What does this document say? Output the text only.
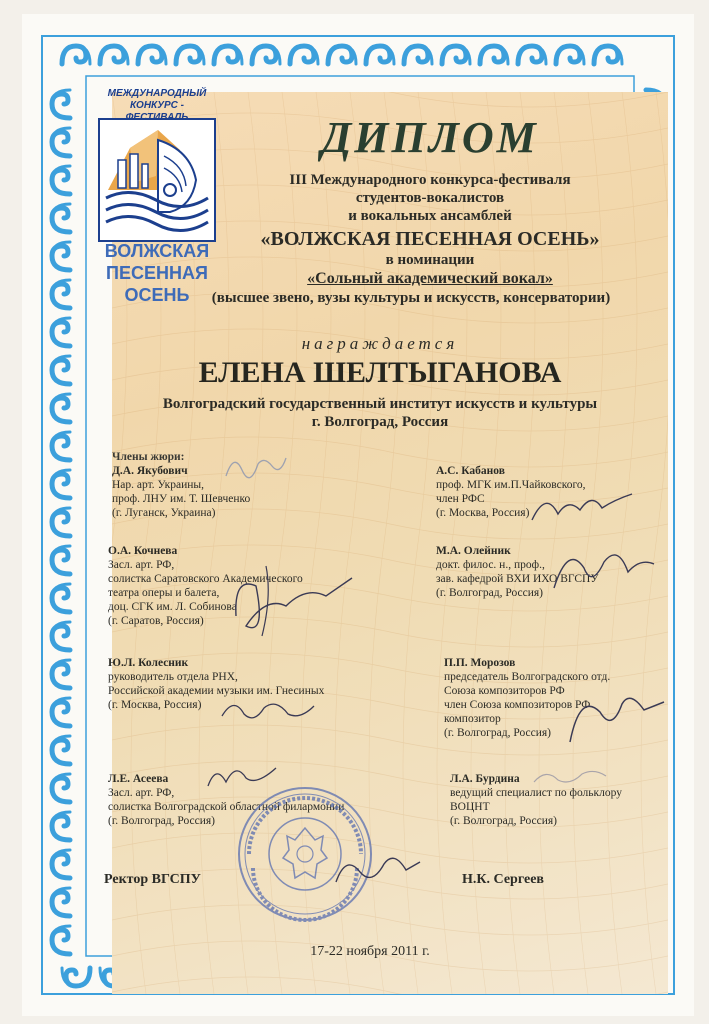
МЕЖДУНАРОДНЫЙ
КОНКУРС -
ВОЛЖСКАЯ
ПЕСЕННАЯ
ОСЕНЬ

ДИПЛОМ

III Международного конкурса-фестиваля

студентов-вокалистов

и вокальных ансамблей

«ВОЛЖСКАЯ ПЕСЕННАЯ ОСЕНЬ»

в номинации

«Сольный академический вокал»

(высшее звено, вузы культуры и искусств, консерватории)

награждается

ЕЛЕНА ШЕЛТЫГАНОВА

Волгоградский государственный институт искусств и культуры

г. Волгоград, Россия

Члены жюри:

Д.А. Якубович
Нар. арт. Украины,
проф. ЛНУ им. Т. Шевченко
(г. Луганск, Украина)
А.С. Кабанов
проф. МГК им.П.Чайковского,
член РФС
(г. Москва, Россия)
О.А. Кочнева
Засл. арт. РФ,
солистка Саратовского Академического
театра оперы и балета,
доц. СГК им. Л. Собинова
(г. Саратов, Россия)
М.А. Олейник
докт. филос. н., проф.,
зав. кафедрой ВХИ ИХО ВГСПУ
(г. Волгоград, Россия)
Ю.Л. Колесник
руководитель отдела РНХ,
Российской академии музыки им. Гнесиных
(г. Москва, Россия)
П.П. Морозов
председатель Волгоградского отд.
Союза композиторов РФ
член Союза композиторов РФ
композитор
(г. Волгоград, Россия)
Л.Е. Асеева
Засл. арт. РФ,
солистка Волгоградской областной филармонии
(г. Волгоград, Россия)
Л.А. Бурдина
ведущий специалист по фольклору
ВОЦНТ
(г. Волгоград, Россия)

Ректор ВГСПУ	Н.К. Сергеев

17-22 ноября 2011 г.
